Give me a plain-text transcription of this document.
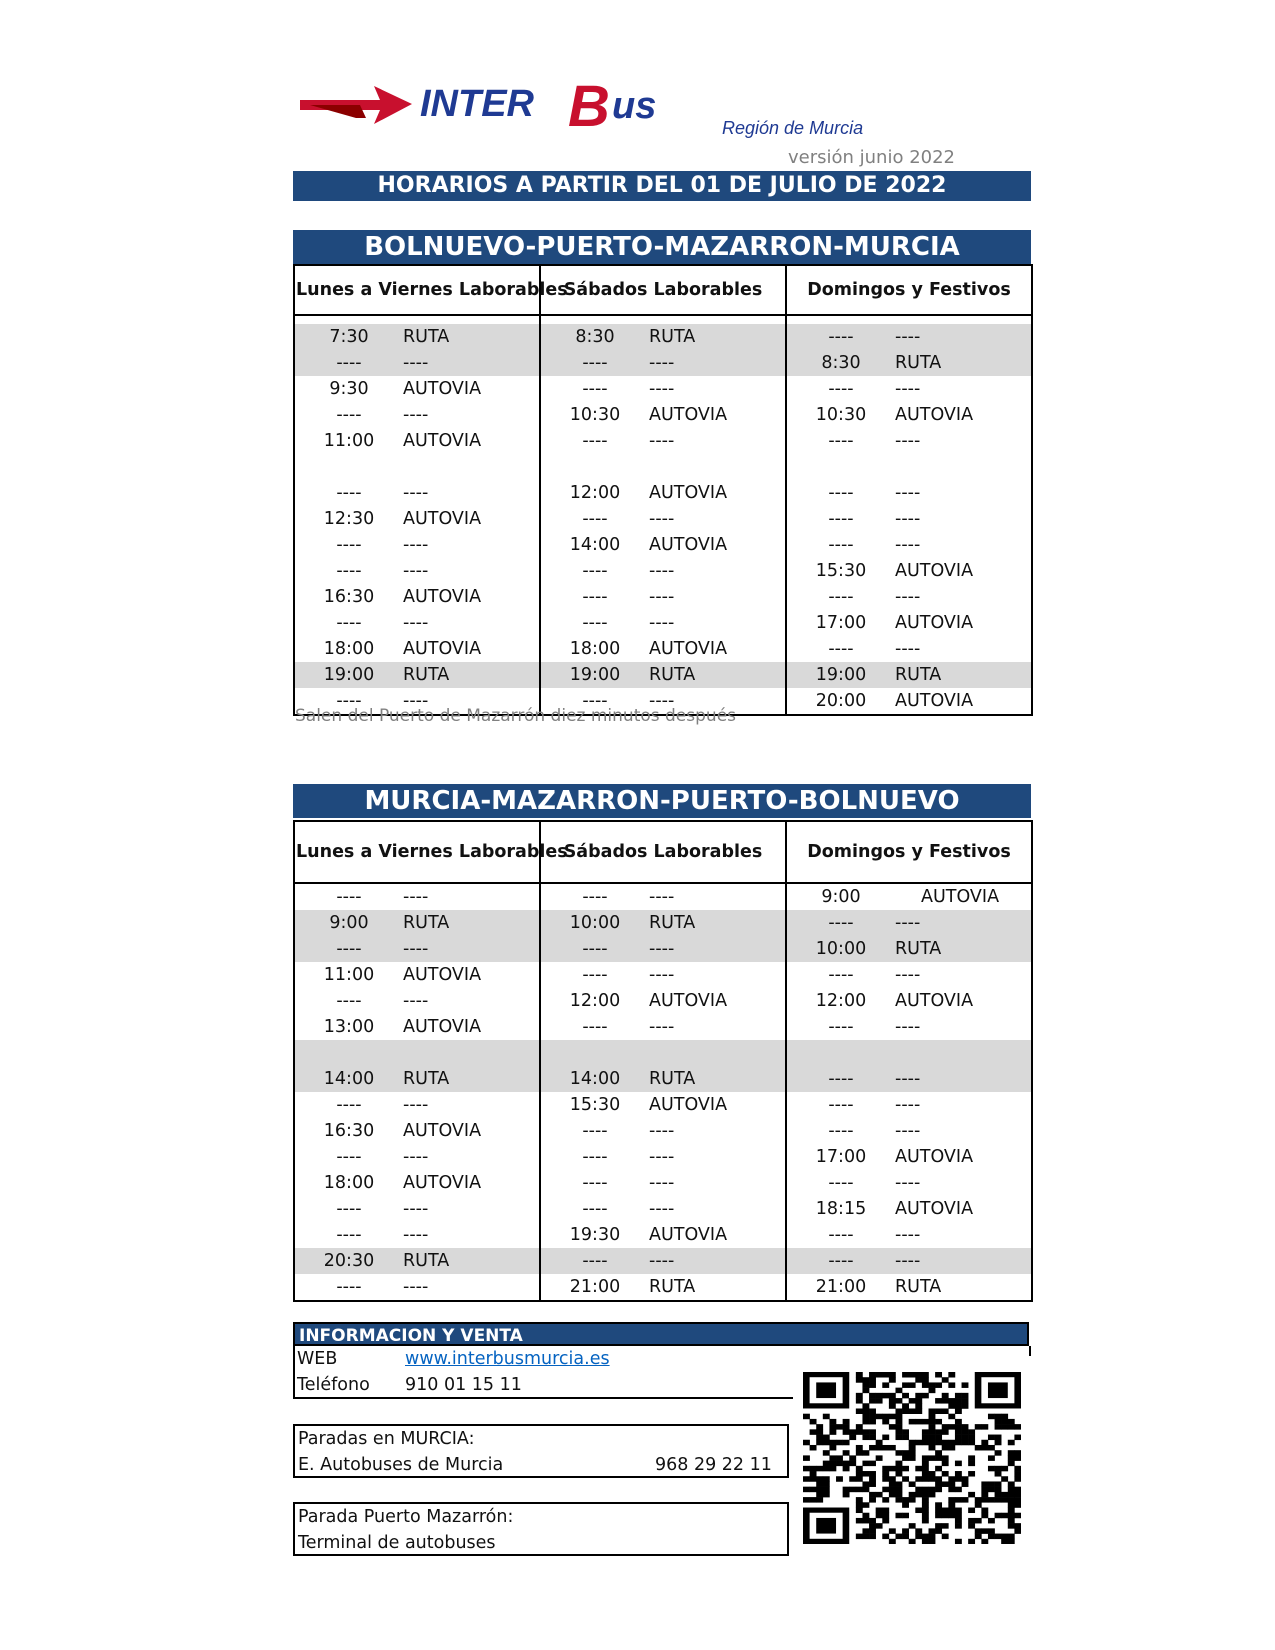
INTER B us
Región de Murcia
versión junio 2022
HORARIOS A PARTIR DEL 01 DE JULIO DE 2022
BOLNUEVO-PUERTO-MAZARRON-MURCIA
Lunes a Viernes Laborables	Sábados Laborables	Domingos y Festivos

7:30 RUTA	8:30 RUTA	---- ----

---- ----	---- ----	8:30 RUTA

9:30 AUTOVIA	---- ----	---- ----

---- ----	10:30 AUTOVIA	10:30 AUTOVIA

11:00 AUTOVIA	---- ----	---- ----

---- ----	12:00 AUTOVIA	---- ----

12:30 AUTOVIA	---- ----	---- ----

---- ----	14:00 AUTOVIA	---- ----

---- ----	---- ----	15:30 AUTOVIA

16:30 AUTOVIA	---- ----	---- ----

---- ----	---- ----	17:00 AUTOVIA

18:00 AUTOVIA	18:00 AUTOVIA	---- ----

19:00 RUTA	19:00 RUTA	19:00 RUTA

---- ----	---- ----	20:00 AUTOVIA
Salen del Puerto de Mazarrón diez minutos después
MURCIA-MAZARRON-PUERTO-BOLNUEVO
Lunes a Viernes Laborables	Sábados Laborables	Domingos y Festivos

---- ----	---- ----	9:00 AUTOVIA

9:00 RUTA	10:00 RUTA	---- ----

---- ----	---- ----	10:00 RUTA

11:00 AUTOVIA	---- ----	---- ----

---- ----	12:00 AUTOVIA	12:00 AUTOVIA

13:00 AUTOVIA	---- ----	---- ----

14:00 RUTA	14:00 RUTA	---- ----

---- ----	15:30 AUTOVIA	---- ----

16:30 AUTOVIA	---- ----	---- ----

---- ----	---- ----	17:00 AUTOVIA

18:00 AUTOVIA	---- ----	---- ----

---- ----	---- ----	18:15 AUTOVIA

---- ----	19:30 AUTOVIA	---- ----

20:30 RUTA	---- ----	---- ----

---- ----	21:00 RUTA	21:00 RUTA
INFORMACION Y VENTA
WEB	www.interbusmurcia.es
Teléfono 910 01 15 11
Paradas en MURCIA:
E. Autobuses de Murcia	968 29 22 11
Parada Puerto Mazarrón:
Terminal de autobuses
